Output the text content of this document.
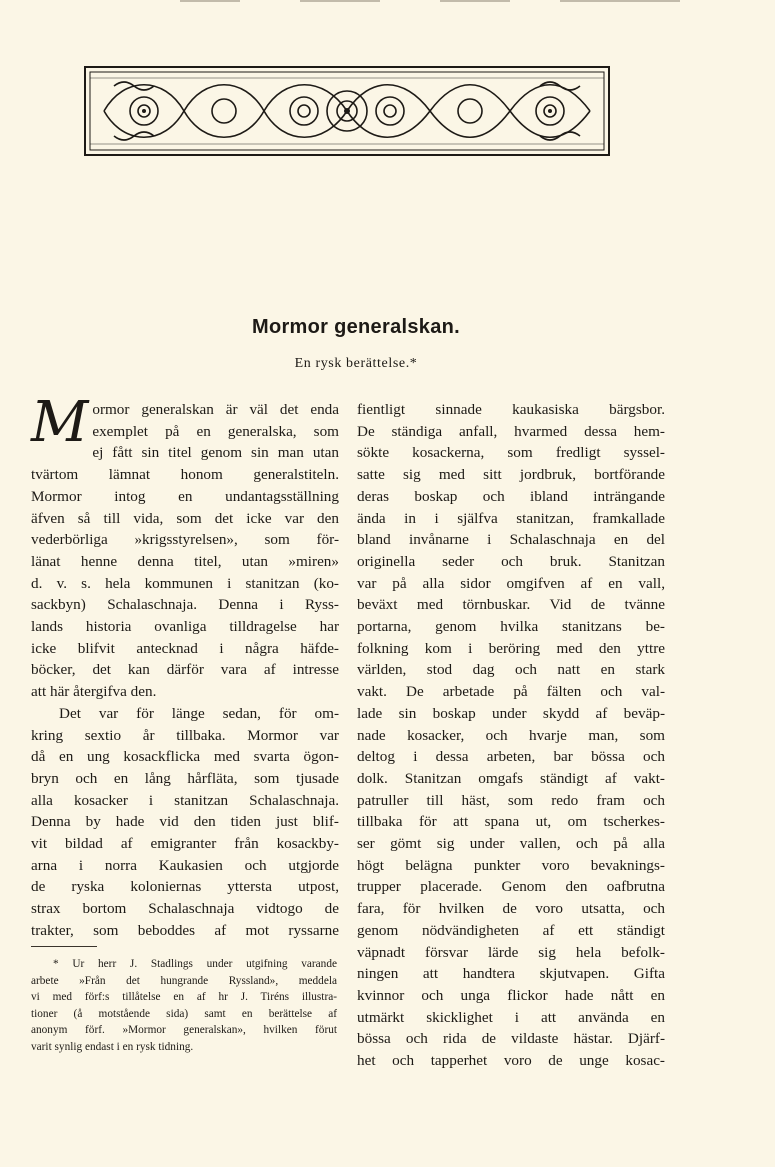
Mormor generalskan.
En rysk berättelse.*

M ormor generalskan är väl det enda
exemplet på en generalska, som
ej fått sin titel genom sin man utan
tvärtom lämnat honom generalstiteln.
Mormor intog en undantagsställning
äfven så till vida, som det icke var den
vederbörliga »krigsstyrelsen», som för-
länat henne denna titel, utan »miren»
d. v. s. hela kommunen i stanitzan (ko-
sackbyn) Schalaschnaja. Denna i Ryss-
lands historia ovanliga tilldragelse har
icke blifvit antecknad i några häfde-
böcker, det kan därför vara af intresse
att här återgifva den.

Det var för länge sedan, för om-
kring sextio år tillbaka. Mormor var
då en ung kosackflicka med svarta ögon-
bryn och en lång hårfläta, som tjusade
alla kosacker i stanitzan Schalaschnaja.
Denna by hade vid den tiden just blif-
vit bildad af emigranter från kosackby-
arna i norra Kaukasien och utgjorde
de ryska koloniernas yttersta utpost,
strax bortom Schalaschnaja vidtogo de
trakter, som beboddes af mot ryssarne

* Ur herr J. Stadlings under utgifning varande
arbete »Från det hungrande Ryssland», meddela
vi med förf:s tillåtelse en af hr J. Tiréns illustra-
tioner (å motstående sida) samt en berättelse af
anonym förf. »Mormor generalskan», hvilken förut
varit synlig endast i en rysk tidning.
fientligt sinnade kaukasiska bärgsbor.
De ständiga anfall, hvarmed dessa hem-
sökte kosackerna, som fredligt syssel-
satte sig med sitt jordbruk, bortförande
deras boskap och ibland inträngande
ända in i själfva stanitzan, framkallade
bland invånarne i Schalaschnaja en del
originella seder och bruk. Stanitzan
var på alla sidor omgifven af en vall,
beväxt med törnbuskar. Vid de tvänne
portarna, genom hvilka stanitzans be-
folkning kom i beröring med den yttre
världen, stod dag och natt en stark
vakt. De arbetade på fälten och val-
lade sin boskap under skydd af beväp-
nade kosacker, och hvarje man, som
deltog i dessa arbeten, bar bössa och
dolk. Stanitzan omgafs ständigt af vakt-
patruller till häst, som redo fram och
tillbaka för att spana ut, om tscherkes-
ser gömt sig under vallen, och på alla
högt belägna punkter voro bevaknings-
trupper placerade. Genom den oafbrutna
fara, för hvilken de voro utsatta, och
genom nödvändigheten af ett ständigt
väpnadt försvar lärde sig hela befolk-
ningen att handtera skjutvapen. Gifta
kvinnor och unga flickor hade nått en
utmärkt skicklighet i att använda en
bössa och rida de vildaste hästar. Djärf-
het och tapperhet voro de unge kosac-
